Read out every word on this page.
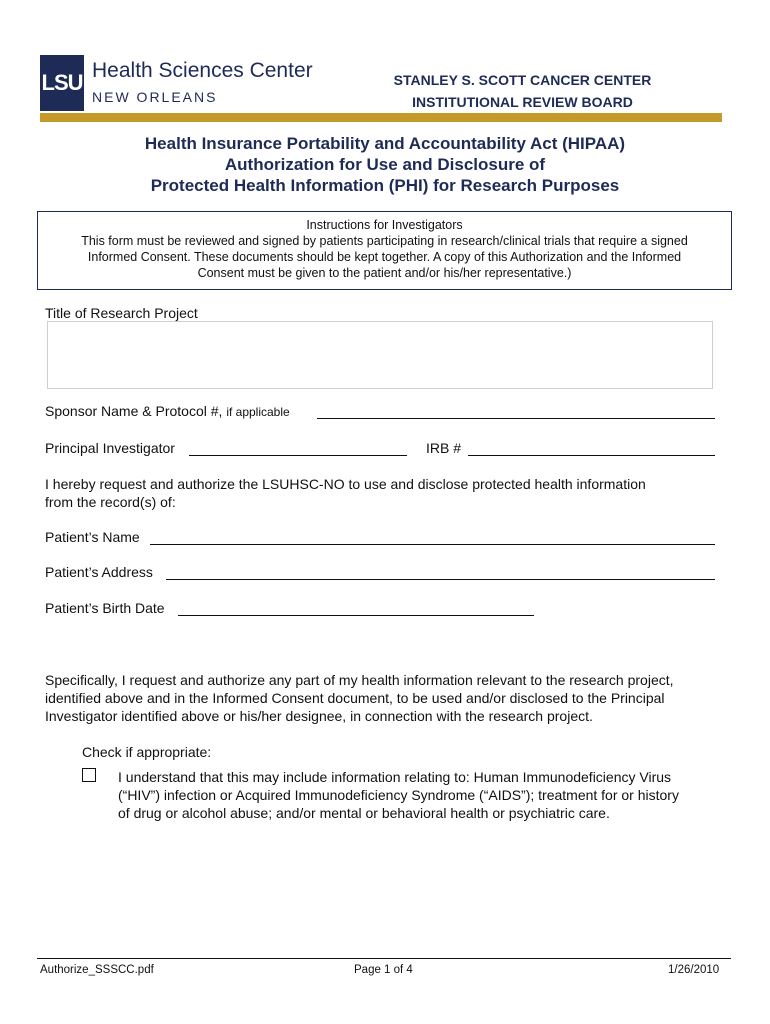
LSU Health Sciences Center
NEW ORLEANS
STANLEY S. SCOTT CANCER CENTER
INSTITUTIONAL REVIEW BOARD
Health Insurance Portability and Accountability Act (HIPAA)
Authorization for Use and Disclosure of
Protected Health Information (PHI) for Research Purposes
Instructions for Investigators
This form must be reviewed and signed by patients participating in research/clinical trials that require a signed
Informed Consent. These documents should be kept together. A copy of this Authorization and the Informed
Consent must be given to the patient and/or his/her representative.)
Title of Research Project
Sponsor Name & Protocol #, if applicable
Principal Investigator	IRB #
I hereby request and authorize the LSUHSC-NO to use and disclose protected health information
from the record(s) of:
Patient’s Name
Patient’s Address
Patient’s Birth Date
Specifically, I request and authorize any part of my health information relevant to the research project,
identified above and in the Informed Consent document, to be used and/or disclosed to the Principal
Investigator identified above or his/her designee, in connection with the research project.
Check if appropriate:
I understand that this may include information relating to: Human Immunodeficiency Virus
(“HIV”) infection or Acquired Immunodeficiency Syndrome (“AIDS”); treatment for or history
of drug or alcohol abuse; and/or mental or behavioral health or psychiatric care.
Authorize_SSSCC.pdf	Page 1 of 4	1/26/2010
